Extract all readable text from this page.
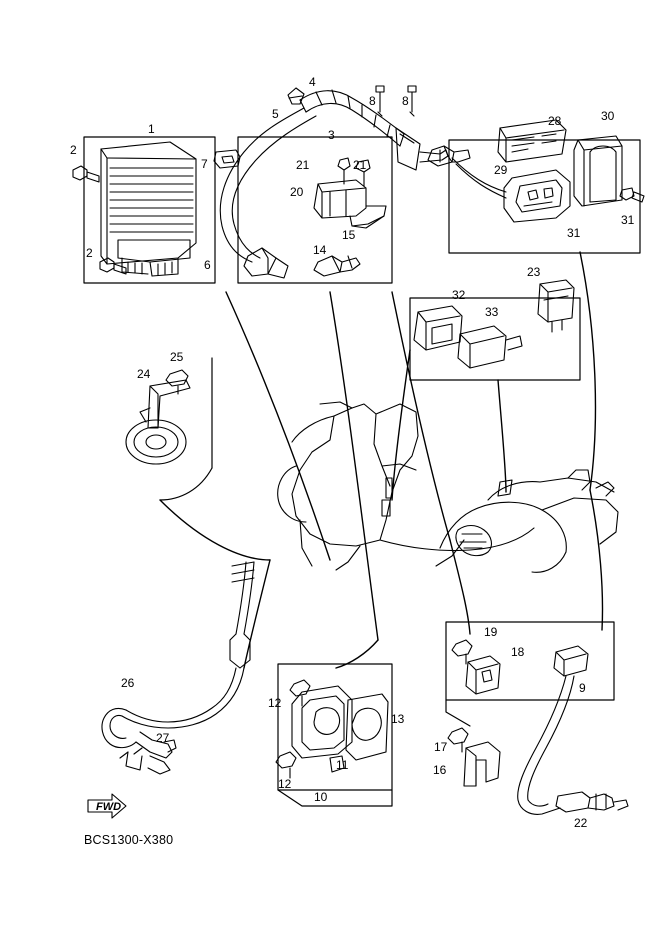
1
2
2
3
4
5
6
7
8 8
9
10
11
12
12
13
14
15
16
17
18
19
20
21	21
22
23
24
25
26
27
28
29
30
31
31
32
33
FWD
BCS1300-X380
